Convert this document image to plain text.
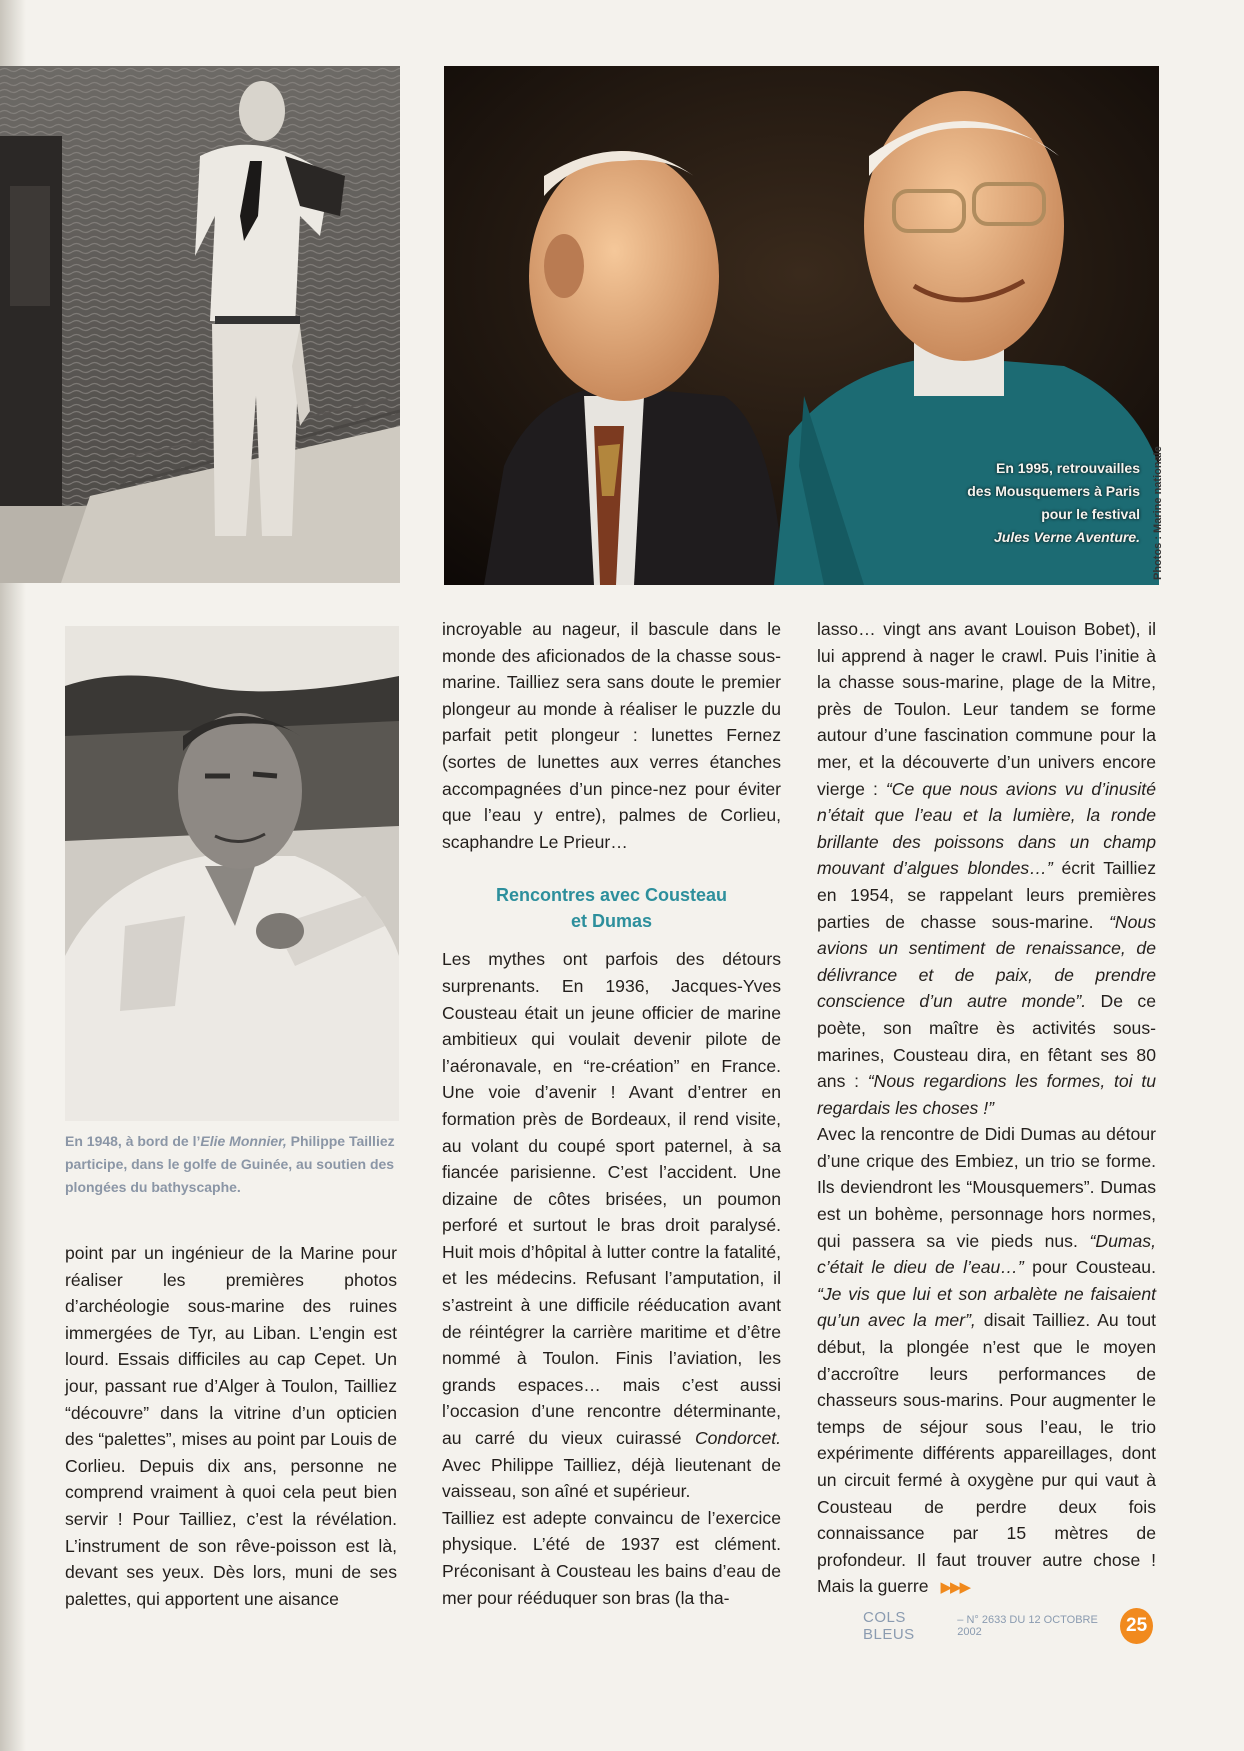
En 1995, retrouvailles
des Mousquemers à Paris
pour le festival
Jules Verne Aventure. Photos : Marine nationale
En 1948, à bord de l’Elie Monnier, Philippe Tailliez participe, dans le golfe de Guinée, au soutien des plongées du bathyscaphe.

point par un ingénieur de la Marine pour réaliser les premières photos d’archéologie sous-marine des ruines immergées de Tyr, au Liban. L’engin est lourd. Essais difficiles au cap Cepet. Un jour, passant rue d’Alger à Toulon, Tailliez “découvre” dans la vitrine d’un opticien des “palettes”, mises au point par Louis de Corlieu. Depuis dix ans, personne ne comprend vraiment à quoi cela peut bien servir ! Pour Tailliez, c’est la révélation. L’instrument de son rêve-poisson est là, devant ses yeux. Dès lors, muni de ses palettes, qui apportent une aisance

incroyable au nageur, il bascule dans le monde des aficionados de la chasse sous-marine. Tailliez sera sans doute le premier plongeur au monde à réaliser le puzzle du parfait petit plongeur : lunettes Fernez (sortes de lunettes aux verres étanches accompagnées d’un pince-nez pour éviter que l’eau y entre), palmes de Corlieu, scaphandre Le Prieur…

Rencontres avec Cousteau
et Dumas

Les mythes ont parfois des détours surprenants. En 1936, Jacques-Yves Cousteau était un jeune officier de marine ambitieux qui voulait devenir pilote de l’aéronavale, en “re-création” en France. Une voie d’avenir ! Avant d’entrer en formation près de Bordeaux, il rend visite, au volant du coupé sport paternel, à sa fiancée parisienne. C’est l’accident. Une dizaine de côtes brisées, un poumon perforé et surtout le bras droit paralysé. Huit mois d’hôpital à lutter contre la fatalité, et les médecins. Refusant l’amputation, il s’astreint à une difficile rééducation avant de réintégrer la carrière maritime et d’être nommé à Toulon. Finis l’aviation, les grands espaces… mais c’est aussi l’occasion d’une rencontre déterminante, au carré du vieux cuirassé Condorcet. Avec Philippe Tailliez, déjà lieutenant de vaisseau, son aîné et supérieur.

Tailliez est adepte convaincu de l’exercice physique. L’été de 1937 est clément. Préconisant à Cousteau les bains d’eau de mer pour rééduquer son bras (la tha-

lasso… vingt ans avant Louison Bobet), il lui apprend à nager le crawl. Puis l’initie à la chasse sous-marine, plage de la Mitre, près de Toulon. Leur tandem se forme autour d’une fascination commune pour la mer, et la découverte d’un univers encore vierge : “Ce que nous avions vu d’inusité n’était que l’eau et la lumière, la ronde brillante des poissons dans un champ mouvant d’algues blondes…” écrit Tailliez en 1954, se rappelant leurs premières parties de chasse sous-marine. “Nous avions un sentiment de renaissance, de délivrance et de paix, de prendre conscience d’un autre monde”. De ce poète, son maître ès activités sous-marines, Cousteau dira, en fêtant ses 80 ans : “Nous regardions les formes, toi tu regardais les choses !”

Avec la rencontre de Didi Dumas au détour d’une crique des Embiez, un trio se forme. Ils deviendront les “Mousquemers”. Dumas est un bohème, personnage hors normes, qui passera sa vie pieds nus. “Dumas, c’était le dieu de l’eau…” pour Cousteau. “Je vis que lui et son arbalète ne faisaient qu’un avec la mer”, disait Tailliez. Au tout début, la plongée n’est que le moyen d’accroître leurs performances de chasseurs sous-marins. Pour augmenter le temps de séjour sous l’eau, le trio expérimente différents appareillages, dont un circuit fermé à oxygène pur qui vaut à Cousteau de perdre deux fois connaissance par 15 mètres de profondeur. Il faut trouver autre chose ! Mais la guerre ▶▶▶

COLS BLEUS
– N° 2633 DU 12 OCTOBRE 2002	25
